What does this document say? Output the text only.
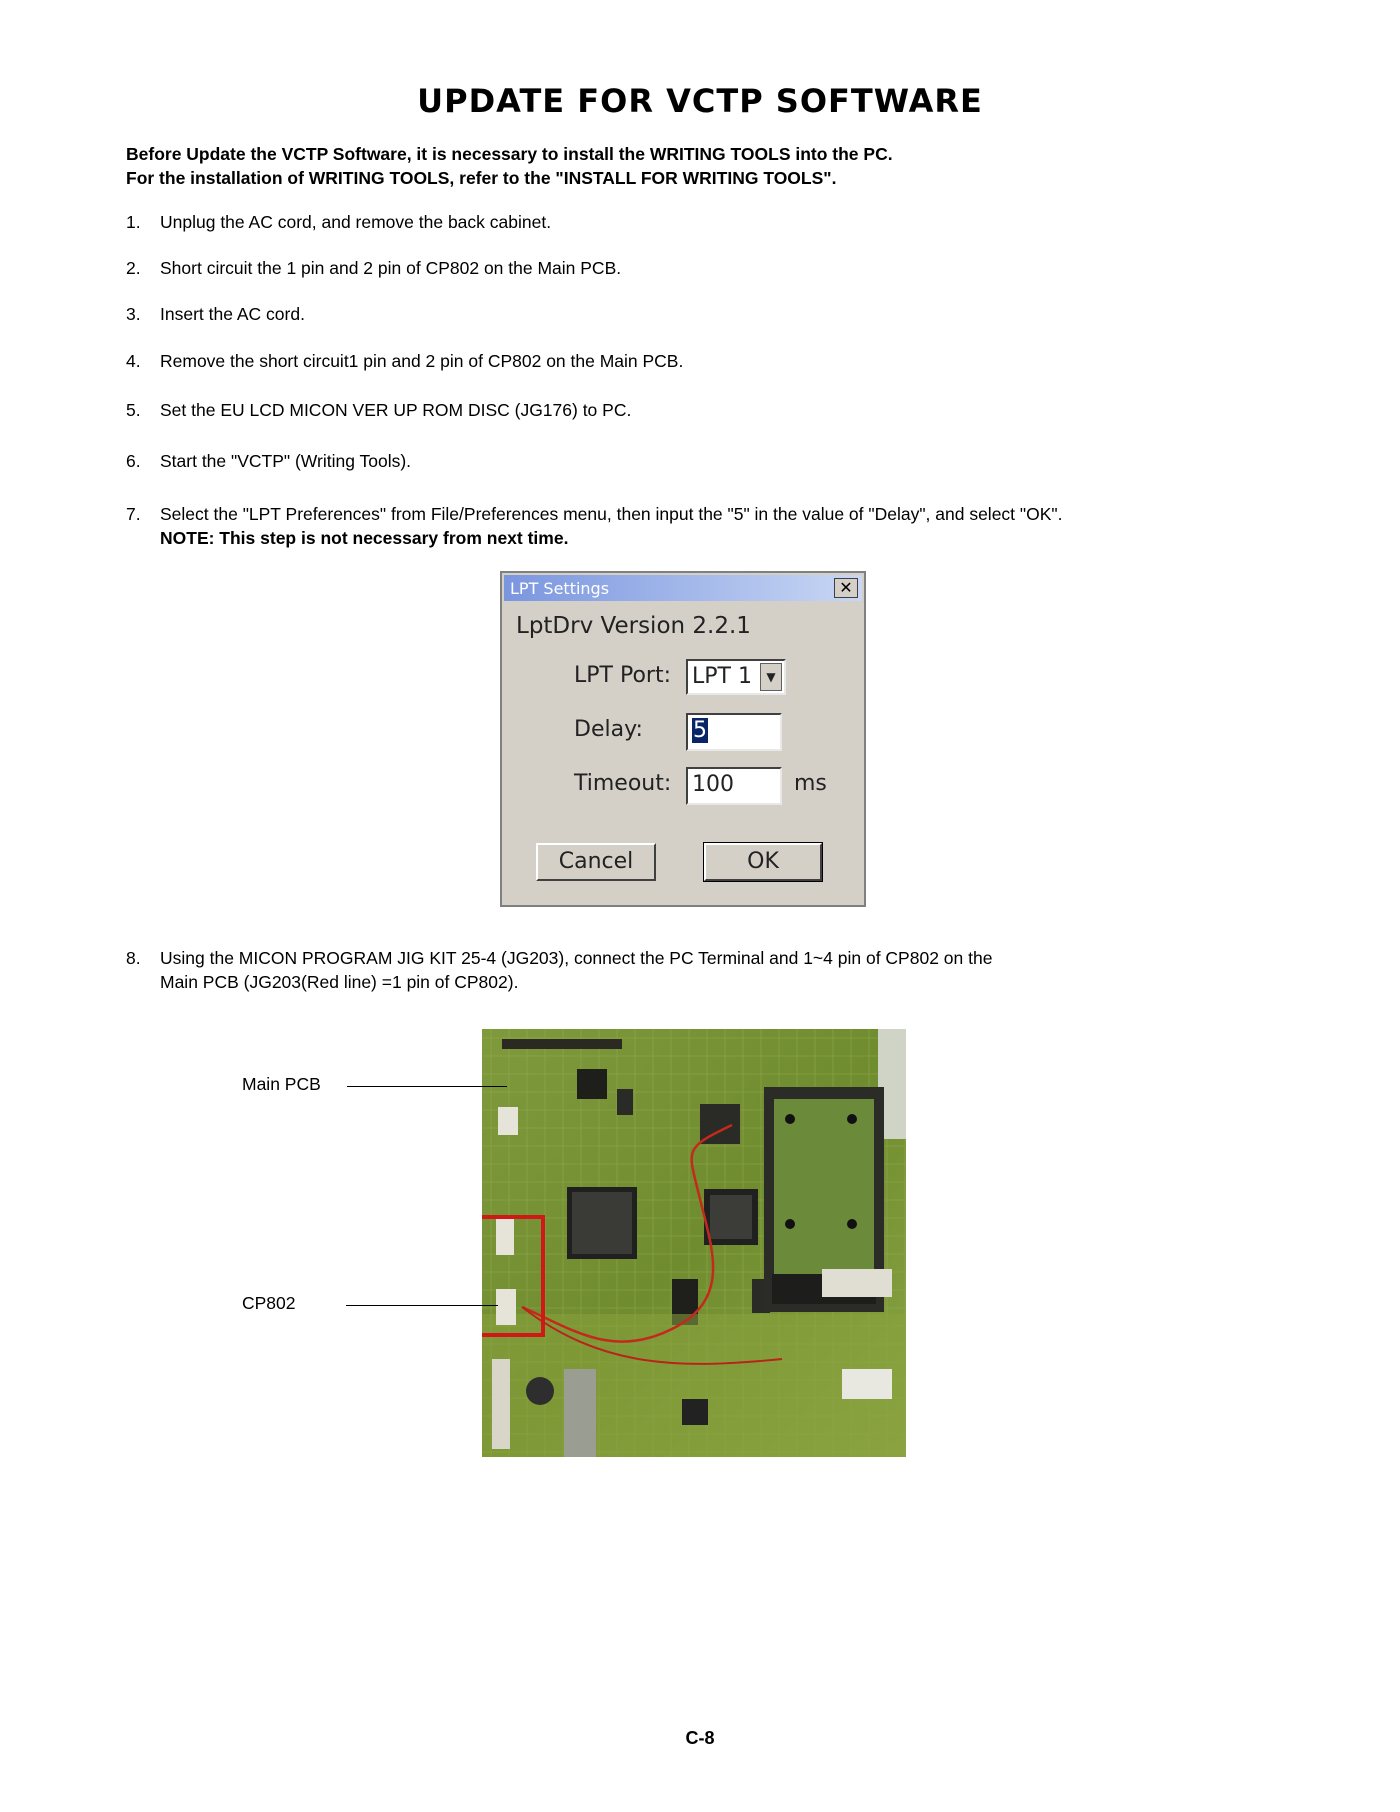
UPDATE FOR VCTP SOFTWARE
Before Update the VCTP Software, it is necessary to install the WRITING TOOLS into the PC.
For the installation of WRITING TOOLS, refer to the "INSTALL FOR WRITING TOOLS".
1. Unplug the AC cord, and remove the back cabinet.
2. Short circuit the 1 pin and 2 pin of CP802 on the Main PCB.
3. Insert the AC cord.
4. Remove the short circuit1 pin and 2 pin of CP802 on the Main PCB.
5. Set the EU LCD MICON VER UP ROM DISC (JG176) to PC.
6. Start the "VCTP" (Writing Tools).
7. Select the "LPT Preferences" from File/Preferences menu, then input the "5" in the value of "Delay", and select "OK".
NOTE: This step is not necessary from next time.
LPT Settings	✕
LptDrv Version 2.2.1
LPT Port: LPT 1	▼
Delay:	5
Timeout: 100	ms
Cancel	OK
8. Using the MICON PROGRAM JIG KIT 25-4 (JG203), connect the PC Terminal and 1~4 pin of CP802 on the
Main PCB (JG203(Red line) =1 pin of CP802).
Main PCB
CP802
C-8
